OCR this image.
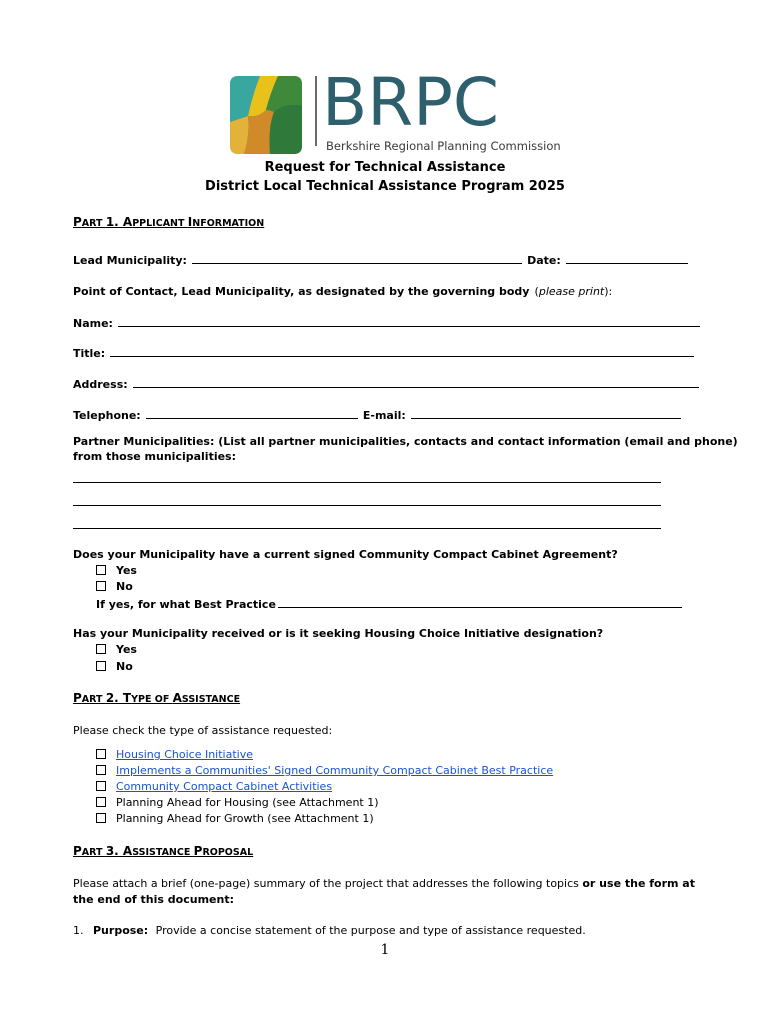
BRPC
Berkshire Regional Planning Commission
Request for Technical Assistance
District Local Technical Assistance Program 2025
PART 1. APPLICANT INFORMATION
Lead Municipality:	Date:
Point of Contact, Lead Municipality, as designated by the governing body (please print):
Name:
Title:
Address:
Telephone:	E-mail:
Partner Municipalities: (List all partner municipalities, contacts and contact information (email and phone)
from those municipalities:
Does your Municipality have a current signed Community Compact Cabinet Agreement?
Yes
No
If yes, for what Best Practice
Has your Municipality received or is it seeking Housing Choice Initiative designation?
Yes
No
PART 2. TYPE OF ASSISTANCE
Please check the type of assistance requested:
Housing Choice Initiative
Implements a Communities' Signed Community Compact Cabinet Best Practice
Community Compact Cabinet Activities
Planning Ahead for Housing (see Attachment 1)
Planning Ahead for Growth (see Attachment 1)
PART 3. ASSISTANCE PROPOSAL
Please attach a brief (one-page) summary of the project that addresses the following topics or use the form at
the end of this document:
1. Purpose: Provide a concise statement of the purpose and type of assistance requested.
1
